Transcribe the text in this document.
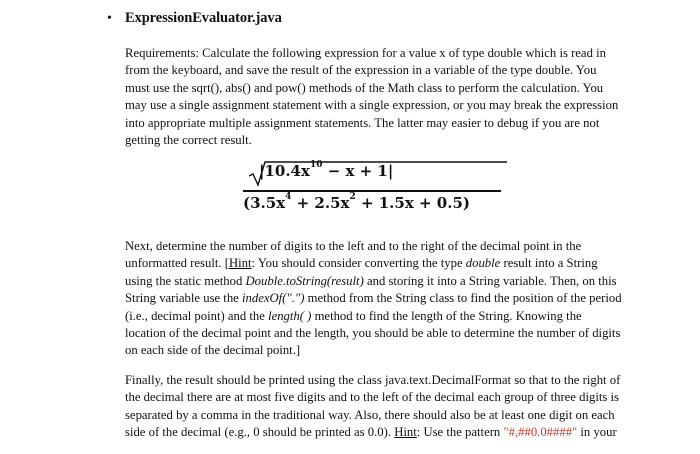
• ExpressionEvaluator.java
Requirements: Calculate the following expression for a value x of type double which is read in
from the keyboard, and save the result of the expression in a variable of the type double. You
must use the sqrt(), abs() and pow() methods of the Math class to perform the calculation. You
may use a single assignment statement with a single expression, or you may break the expression
into appropriate multiple assignment statements. The latter may easier to debug if you are not
getting the correct result.
$|10.4x^{10} - x + 1|$
$(3.5x^4 + 2.5x^2 + 1.5x + 0.5)$
Next, determine the number of digits to the left and to the right of the decimal point in the
unformatted result. [Hint: You should consider converting the type double result into a String
using the static method Double.toString(result) and storing it into a String variable. Then, on this
String variable use the indexOf(".") method from the String class to find the position of the period
(i.e., decimal point) and the length( ) method to find the length of the String. Knowing the
location of the decimal point and the length, you should be able to determine the number of digits
on each side of the decimal point.]
Finally, the result should be printed using the class java.text.DecimalFormat so that to the right of
the decimal there are at most five digits and to the left of the decimal each group of three digits is
separated by a comma in the traditional way. Also, there should also be at least one digit on each
side of the decimal (e.g., 0 should be printed as 0.0). Hint: Use the pattern "#,##0.0####" in your
